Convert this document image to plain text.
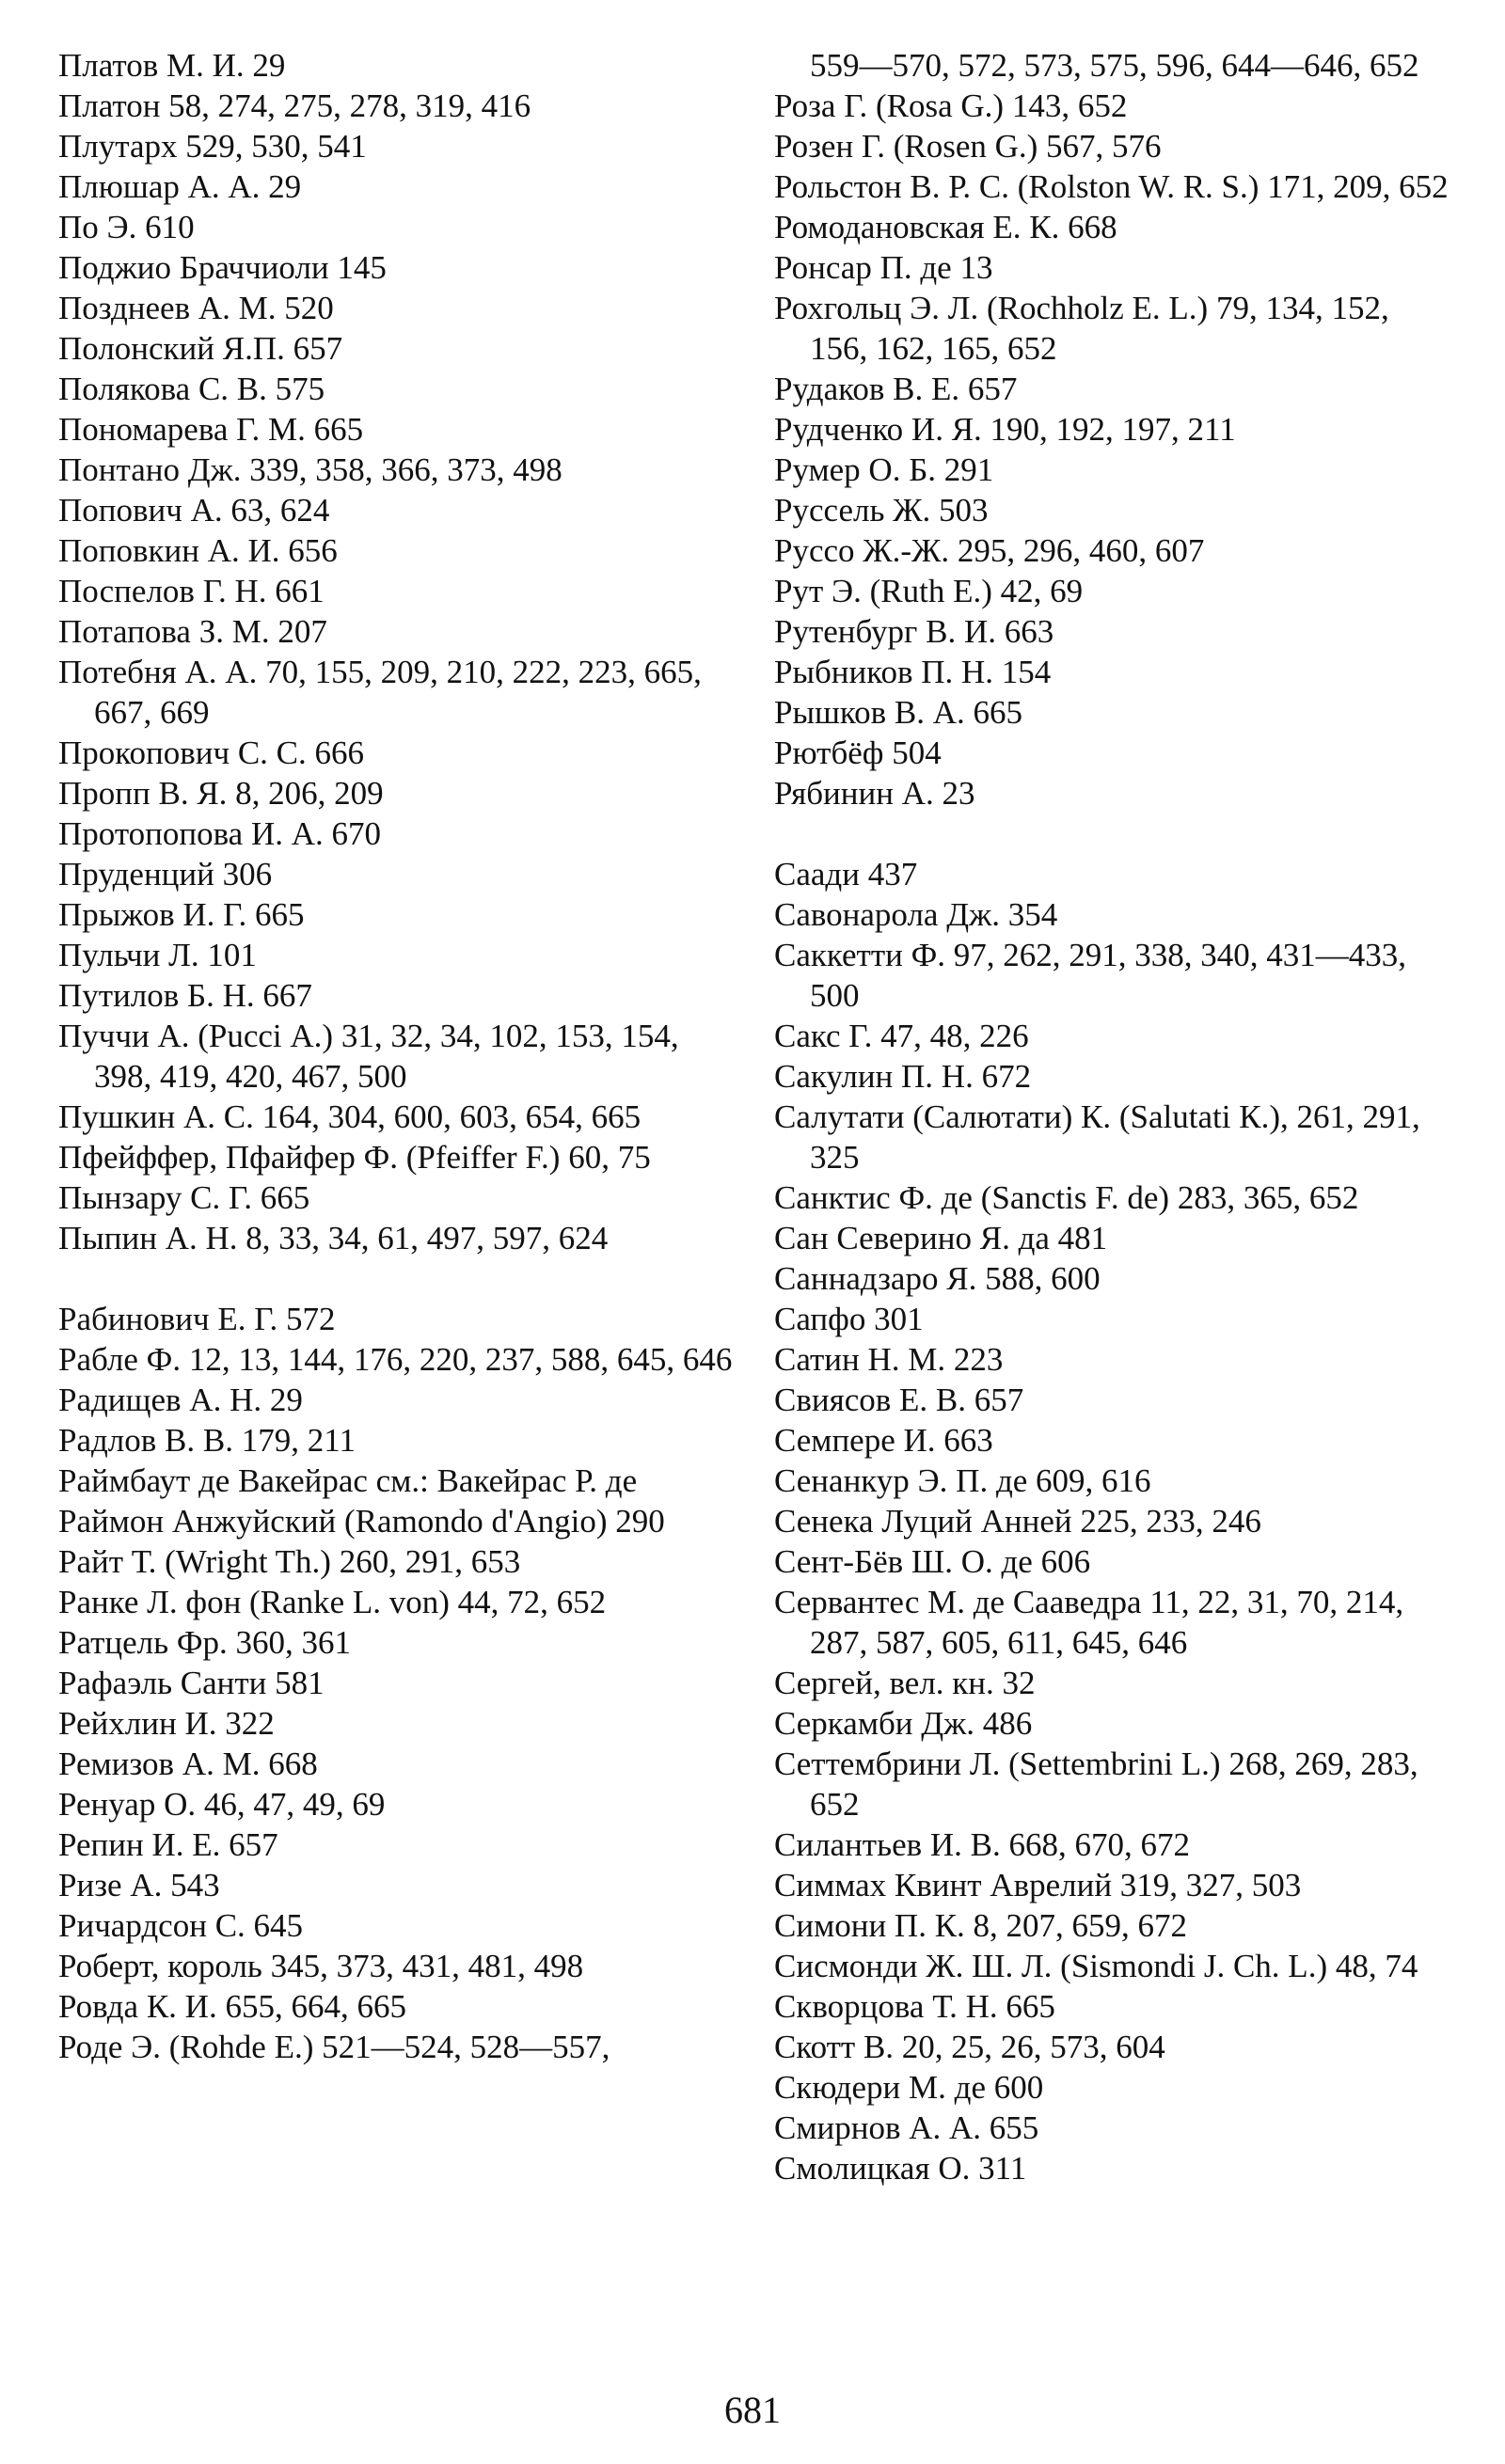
Платов М. И. 29

Платон 58, 274, 275, 278, 319, 416

Плутарх 529, 530, 541

Плюшар А. А. 29

По Э. 610

Поджио Браччиоли 145

Позднеев А. М. 520

Полонский Я.П. 657

Полякова С. В. 575

Пономарева Г. М. 665

Понтано Дж. 339, 358, 366, 373, 498

Попович А. 63, 624

Поповкин А. И. 656

Поспелов Г. Н. 661

Потапова З. М. 207

Потебня А. А. 70, 155, 209, 210, 222, 223, 665, 667, 669

Прокопович С. С. 666

Пропп В. Я. 8, 206, 209

Протопопова И. А. 670

Пруденций 306

Прыжов И. Г. 665

Пульчи Л. 101

Путилов Б. Н. 667

Пуччи А. (Pucci А.) 31, 32, 34, 102, 153, 154, 398, 419, 420, 467, 500

Пушкин А. С. 164, 304, 600, 603, 654, 665

Пфейффер, Пфайфер Ф. (Pfeiffer F.) 60, 75

Пынзару С. Г. 665

Пыпин А. Н. 8, 33, 34, 61, 497, 597, 624

Рабинович Е. Г. 572

Рабле Ф. 12, 13, 144, 176, 220, 237, 588, 645, 646

Радищев А. Н. 29

Радлов В. В. 179, 211

Раймбаут де Вакейрас см.: Вакейрас Р. де

Раймон Анжуйский (Ramondo d'Angio) 290

Райт Т. (Wright Th.) 260, 291, 653

Ранке Л. фон (Ranke L. von) 44, 72, 652

Ратцель Фр. 360, 361

Рафаэль Санти 581

Рейхлин И. 322

Ремизов А. М. 668

Ренуар О. 46, 47, 49, 69

Репин И. Е. 657

Ризе А. 543

Ричардсон С. 645

Роберт, король 345, 373, 431, 481, 498

Ровда К. И. 655, 664, 665

Роде Э. (Rohde Е.) 521—524, 528—557,

559—570, 572, 573, 575, 596, 644—646, 652

Роза Г. (Rosa G.) 143, 652

Розен Г. (Rosen G.) 567, 576

Рольстон В. Р. С. (Rolston W. R. S.) 171, 209, 652

Ромодановская Е. К. 668

Ронсар П. де 13

Рохгольц Э. Л. (Rochholz Е. L.) 79, 134, 152, 156, 162, 165, 652

Рудаков В. Е. 657

Рудченко И. Я. 190, 192, 197, 211

Румер О. Б. 291

Руссель Ж. 503

Руссо Ж.-Ж. 295, 296, 460, 607

Рут Э. (Ruth Е.) 42, 69

Рутенбург В. И. 663

Рыбников П. Н. 154

Рышков В. А. 665

Рютбёф 504

Рябинин А. 23

Саади 437

Савонарола Дж. 354

Саккетти Ф. 97, 262, 291, 338, 340, 431—433, 500

Сакс Г. 47, 48, 226

Сакулин П. Н. 672

Салутати (Салютати) К. (Salutati К.), 261, 291, 325

Санктис Ф. де (Sanctis F. de) 283, 365, 652

Сан Северино Я. да 481

Саннадзаро Я. 588, 600

Сапфо 301

Сатин Н. М. 223

Свиясов Е. В. 657

Семпере И. 663

Сенанкур Э. П. де 609, 616

Сенека Луций Анней 225, 233, 246

Сент-Бёв Ш. О. де 606

Сервантес М. де Сааведра 11, 22, 31, 70, 214, 287, 587, 605, 611, 645, 646

Сергей, вел. кн. 32

Серкамби Дж. 486

Сеттембрини Л. (Settembrini L.) 268, 269, 283, 652

Силантьев И. В. 668, 670, 672

Симмах Квинт Аврелий 319, 327, 503

Симони П. К. 8, 207, 659, 672

Сисмонди Ж. Ш. Л. (Sismondi J. Ch. L.) 48, 74

Скворцова Т. Н. 665

Скотт В. 20, 25, 26, 573, 604

Скюдери М. де 600

Смирнов А. А. 655

Смолицкая О. 311

681
